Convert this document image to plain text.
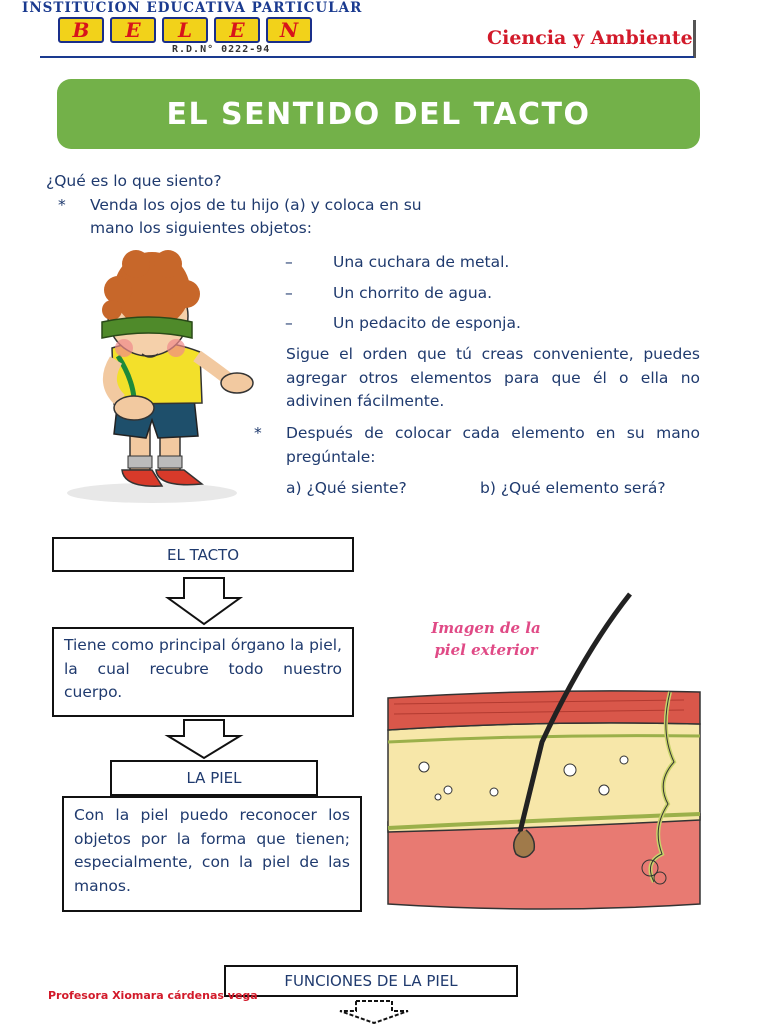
INSTITUCION EDUCATIVA PARTICULAR
B	E	L	E	N
R.D.N° 0222-94
Ciencia y Ambiente
EL SENTIDO DEL TACTO
¿Qué es lo que siento?
* Venda los ojos de tu hijo (a) y coloca en su
mano los siguientes objetos:
–	Una cuchara de metal.
–	Un chorrito de agua.
–	Un pedacito de esponja.
Sigue el orden que tú creas conveniente, puedes agregar otros elementos para que él o ella no adivinen fácilmente.
* Después de colocar cada elemento en su mano pregúntale:
a) ¿Qué siente?	b) ¿Qué elemento será?
EL TACTO
Tiene como principal órgano la piel, la cual recubre todo nuestro cuerpo.
LA PIEL
Con la piel puedo reconocer los objetos por la forma que tienen; especialmente, con la piel de las manos.
FUNCIONES DE LA PIEL
Imagen de la
piel exterior
Profesora Xiomara cárdenas vega
